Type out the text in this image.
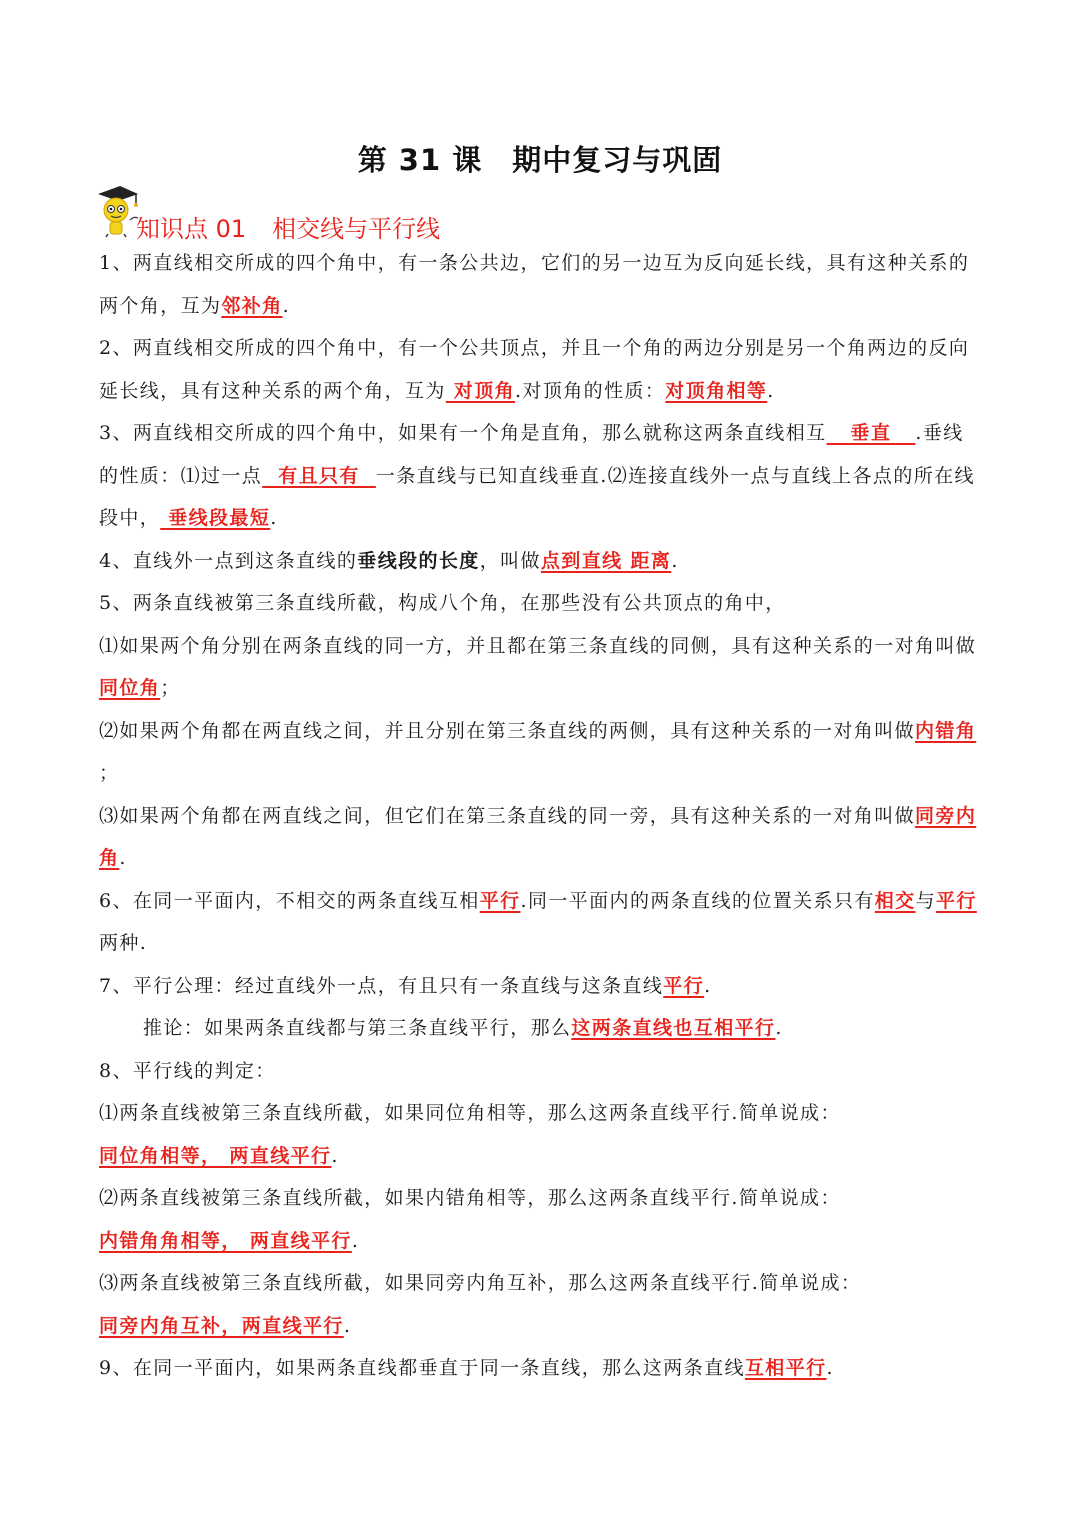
第 31 课 期中复习与巩固
知识点 01 相交线与平行线

1、两直线相交所成的四个角中，有一条公共边，它们的另一边互为反向延长线，具有这种关系的两个角，互为邻补角.

2、两直线相交所成的四个角中，有一个公共顶点，并且一个角的两边分别是另一个角两边的反向延长线，具有这种关系的两个角，互为 对顶角.对顶角的性质：对顶角相等.

3、两直线相交所成的四个角中，如果有一个角是直角，那么就称这两条直线相互   垂直   .垂线的性质：⑴过一点  有且只有  一条直线与已知直线垂直.⑵连接直线外一点与直线上各点的所在线段中， 垂线段最短.

4、直线外一点到这条直线的垂线段的长度，叫做点到直线 距离.

5、两条直线被第三条直线所截，构成八个角，在那些没有公共顶点的角中，

⑴如果两个角分别在两条直线的同一方，并且都在第三条直线的同侧，具有这种关系的一对角叫做 同位角；

⑵如果两个角都在两直线之间，并且分别在第三条直线的两侧，具有这种关系的一对角叫做内错角 ；

⑶如果两个角都在两直线之间，但它们在第三条直线的同一旁，具有这种关系的一对角叫做同旁内角.

6、在同一平面内，不相交的两条直线互相平行.同一平面内的两条直线的位置关系只有相交与平行两种.

7、平行公理：经过直线外一点，有且只有一条直线与这条直线平行.

推论：如果两条直线都与第三条直线平行，那么这两条直线也互相平行.

8、平行线的判定：

⑴两条直线被第三条直线所截，如果同位角相等，那么这两条直线平行.简单说成：

同位角相等， 两直线平行.

⑵两条直线被第三条直线所截，如果内错角相等，那么这两条直线平行.简单说成：

内错角角相等， 两直线平行.

⑶两条直线被第三条直线所截，如果同旁内角互补，那么这两条直线平行.简单说成：

同旁内角互补，两直线平行.

9、在同一平面内，如果两条直线都垂直于同一条直线，那么这两条直线互相平行.
